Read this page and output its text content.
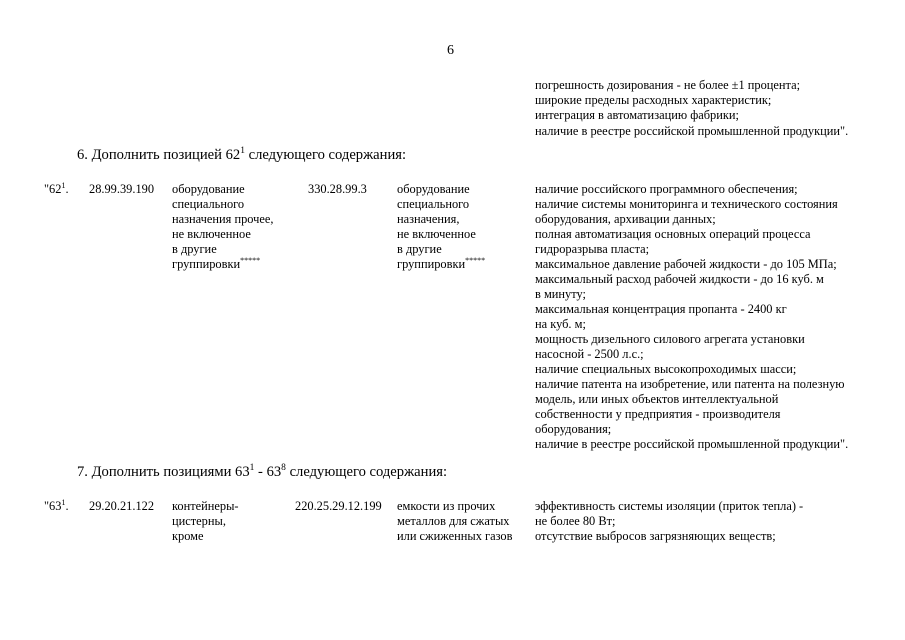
6
погрешность дозирования - не более ±1 процента;
широкие пределы расходных характеристик;
интеграция в автоматизацию фабрики;
наличие в реестре российской промышленной продукции".
6. Дополнить позицией $62^1$ следующего содержания:
"$62^1$. 28.99.39.190 оборудование
специального
назначения прочее,
не включенное
в другие
группировки*****
330.28.99.3 оборудование
специального
назначения,
не включенное
в другие
группировки*****
наличие российского программного обеспечения;
наличие системы мониторинга и технического состояния
оборудования, архивации данных;
полная автоматизация основных операций процесса
гидроразрыва пласта;
максимальное давление рабочей жидкости - до 105 МПа;
максимальный расход рабочей жидкости - до 16 куб. м
в минуту;
максимальная концентрация пропанта - 2400 кг
на куб. м;
мощность дизельного силового агрегата установки
насосной - 2500 л.с.;
наличие специальных высокопроходимых шасси;
наличие патента на изобретение, или патента на полезную
модель, или иных объектов интеллектуальной
собственности у предприятия - производителя
оборудования;
наличие в реестре российской промышленной продукции".
7. Дополнить позициями $63^1 - 63^8$ следующего содержания:
"$63^1$. 29.20.21.122 контейнеры-
цистерны,
кроме
220.25.29.12.199 емкости из прочих
металлов для сжатых
или сжиженных газов
эффективность системы изоляции (приток тепла) -
не более 80 Вт;
отсутствие выбросов загрязняющих веществ;
